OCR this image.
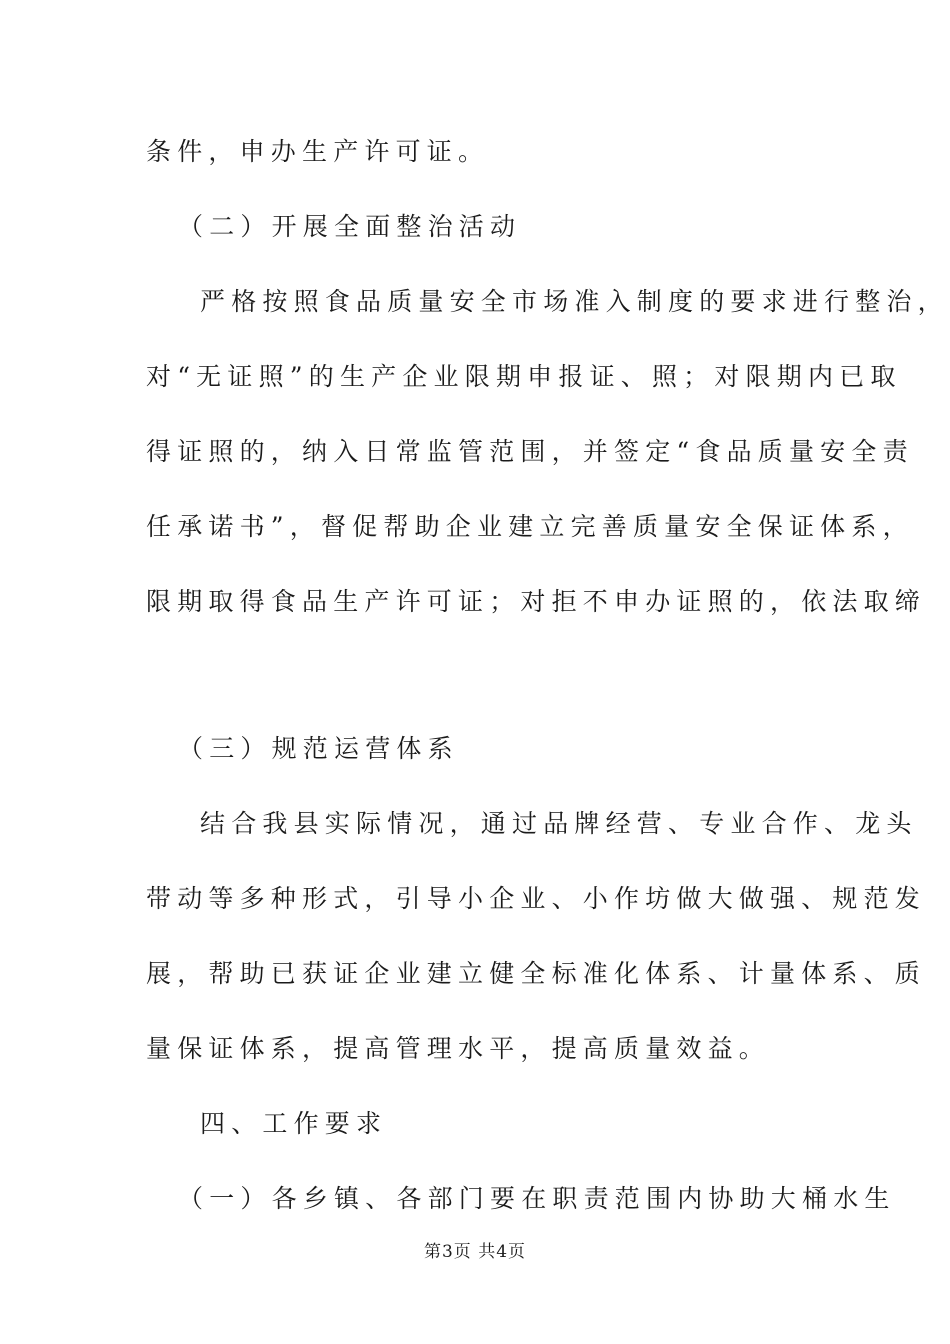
条件，申办生产许可证。
（二）开展全面整治活动
严格按照食品质量安全市场准入制度的要求进行整治，
对“无证照”的生产企业限期申报证、照；对限期内已取
得证照的，纳入日常监管范围，并签定“食品质量安全责
任承诺书”，督促帮助企业建立完善质量安全保证体系，
限期取得食品生产许可证；对拒不申办证照的，依法取缔
（三）规范运营体系
结合我县实际情况，通过品牌经营、专业合作、龙头
带动等多种形式，引导小企业、小作坊做大做强、规范发
展，帮助已获证企业建立健全标准化体系、计量体系、质
量保证体系，提高管理水平，提高质量效益。
四、工作要求
（一）各乡镇、各部门要在职责范围内协助大桶水生
第3页 共4页
